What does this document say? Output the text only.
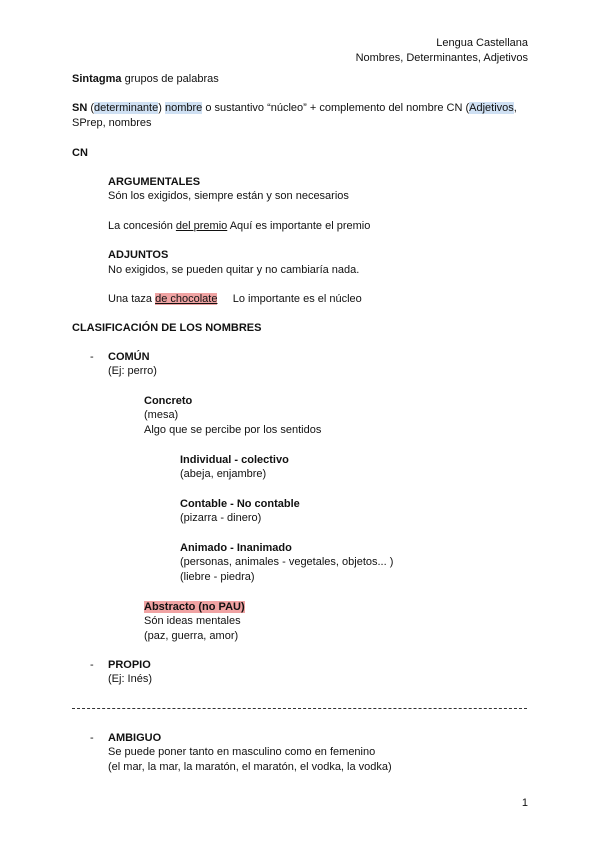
Lengua Castellana
Nombres, Determinantes, Adjetivos
Sintagma grupos de palabras
SN (determinante) nombre o sustantivo “núcleo” + complemento del nombre CN (Adjetivos,
SPrep, nombres
CN
ARGUMENTALES
Són los exigidos, siempre están y son necesarios
La concesión del premio Aquí es importante el premio
ADJUNTOS
No exigidos, se pueden quitar y no cambiaría nada.
Una taza de chocolate     Lo importante es el núcleo
CLASIFICACIÓN DE LOS NOMBRES
- COMÚN
(Ej: perro)
Concreto
(mesa)
Algo que se percibe por los sentidos
Individual - colectivo
(abeja, enjambre)
Contable - No contable
(pizarra - dinero)
Animado - Inanimado
(personas, animales - vegetales, objetos... )
(liebre - piedra)
Abstracto (no PAU)
Són ideas mentales
(paz, guerra, amor)
- PROPIO
(Ej: Inés)
- AMBIGUO
Se puede poner tanto en masculino como en femenino
(el mar, la mar, la maratón, el maratón, el vodka, la vodka)
1
